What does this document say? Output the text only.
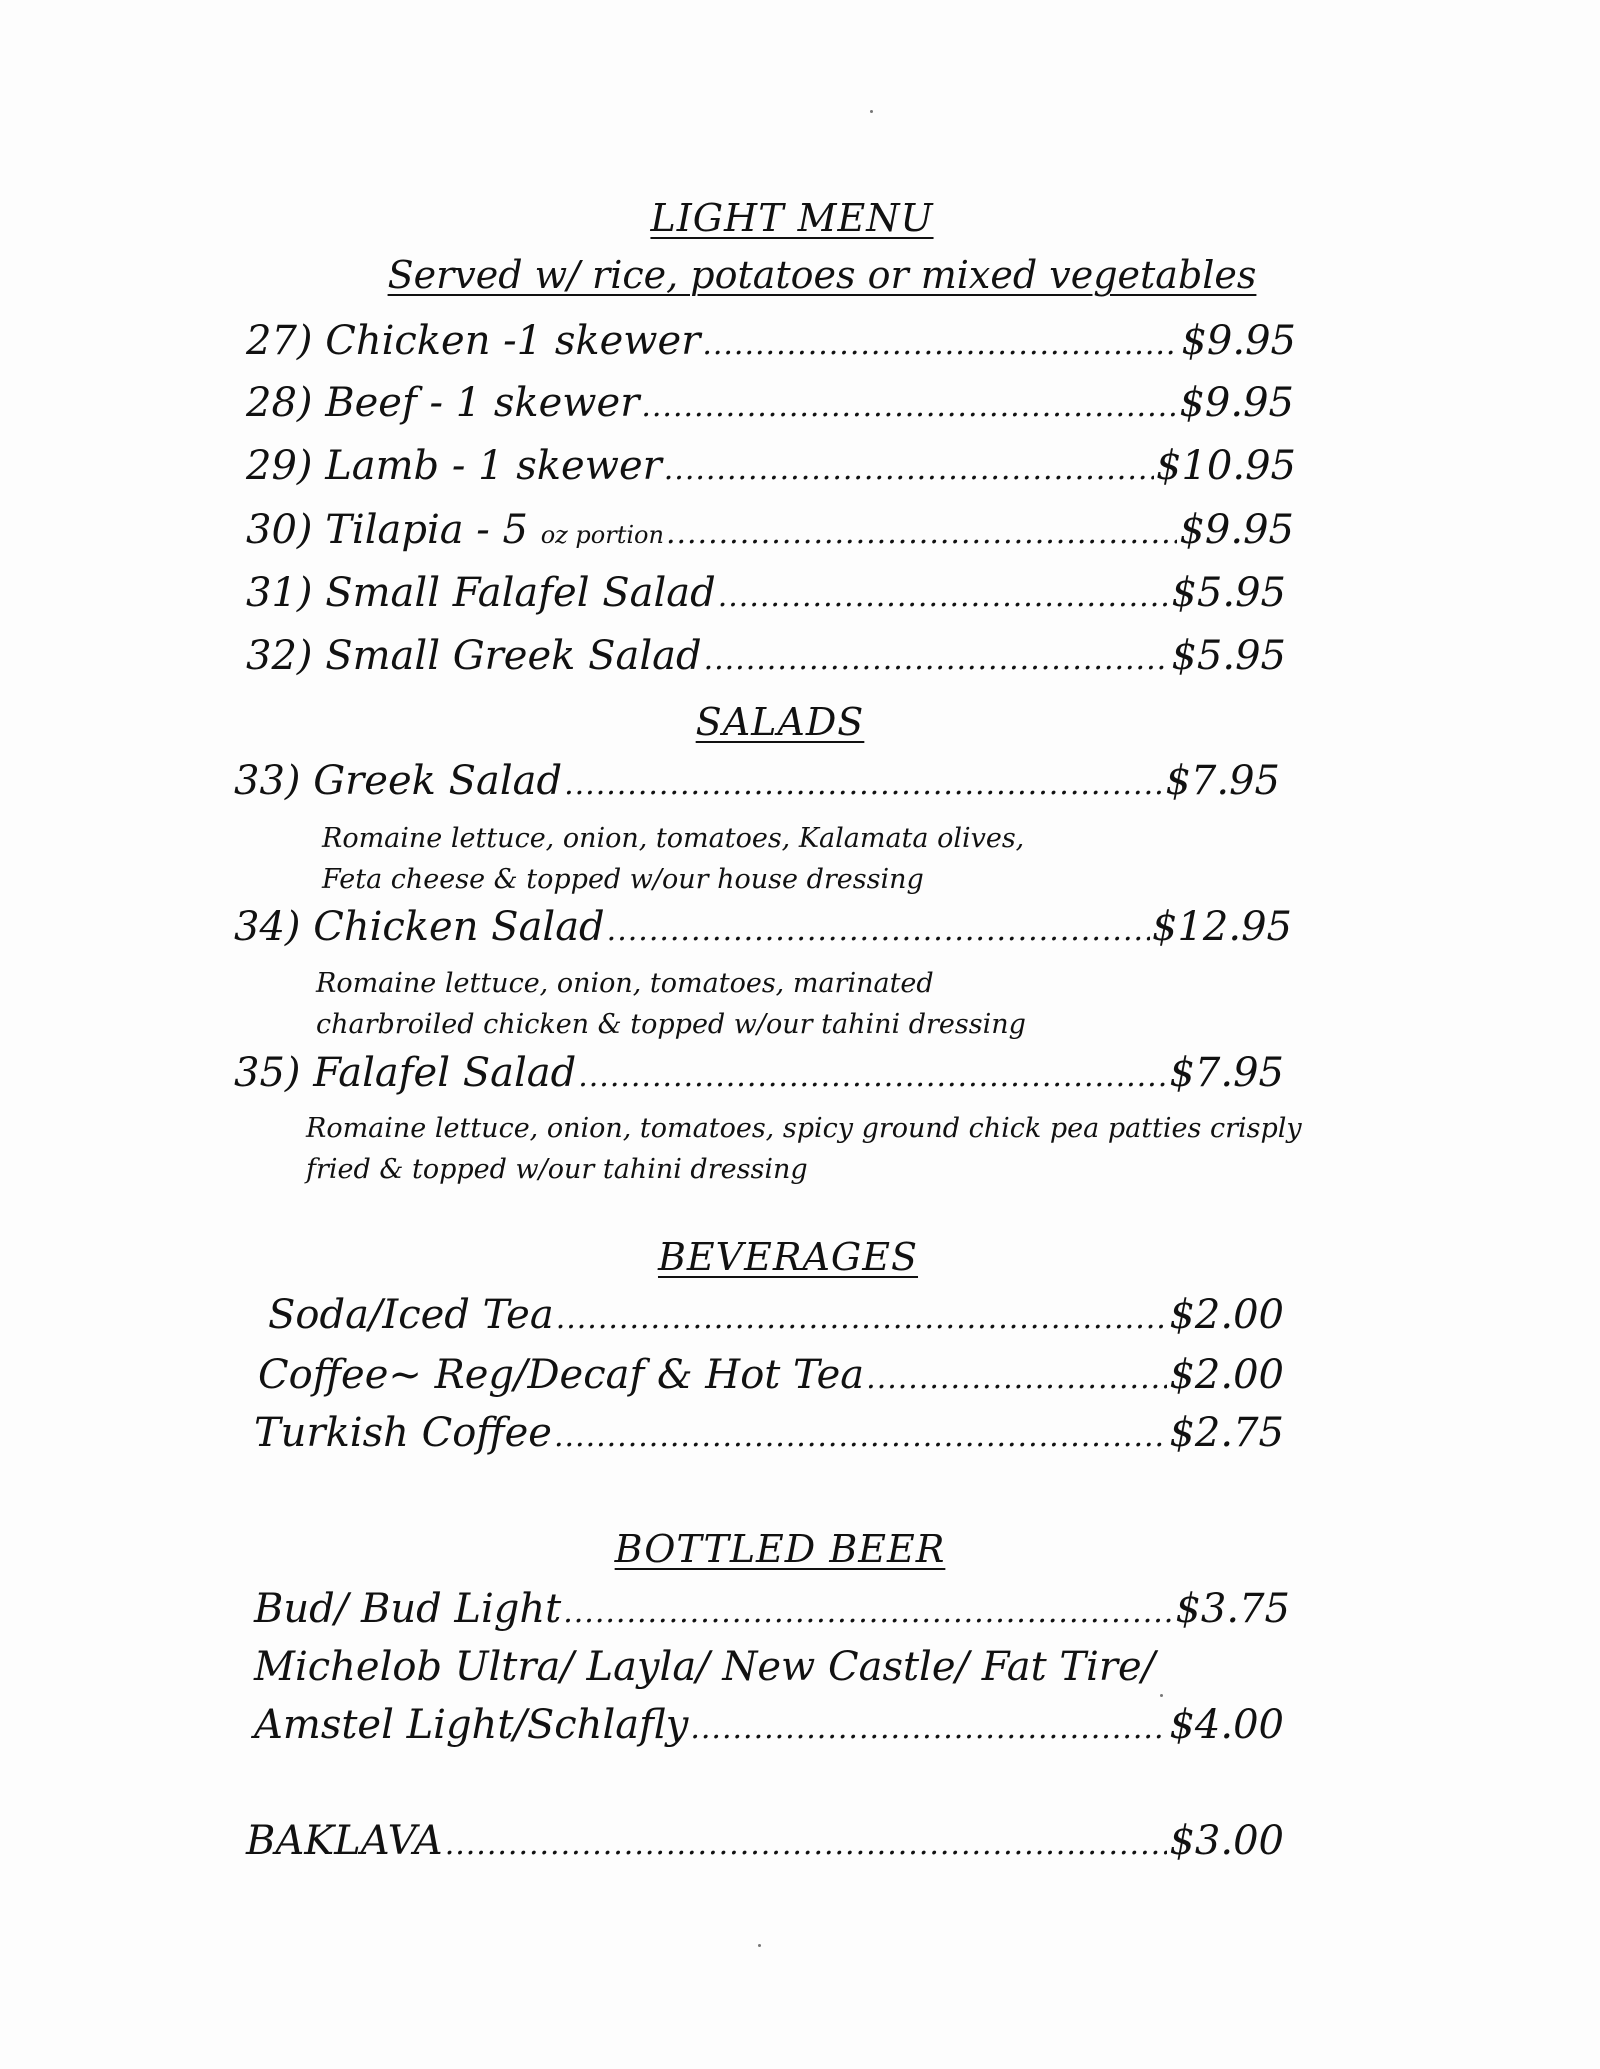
LIGHT MENU
Served w/ rice, potatoes or mixed vegetables
27) Chicken -1 skewer .....	$9.95
28) Beef - 1 skewer .....	$9.95
29) Lamb - 1 skewer .....	$10.95
30) Tilapia - 5 oz portion .....	$9.95
31) Small Falafel Salad .....	$5.95
32) Small Greek Salad .....	$5.95
SALADS
33) Greek Salad .....	$7.95
Romaine lettuce, onion, tomatoes, Kalamata olives,
Feta cheese & topped w/our house dressing
34) Chicken Salad .....	$12.95
Romaine lettuce, onion, tomatoes, marinated
charbroiled chicken & topped w/our tahini dressing
35) Falafel Salad .....	$7.95
Romaine lettuce, onion, tomatoes, spicy ground chick pea patties crisply
fried & topped w/our tahini dressing
BEVERAGES
Soda/Iced Tea .....	$2.00
Coffee~ Reg/Decaf & Hot Tea .....	$2.00
Turkish Coffee .....	$2.75
BOTTLED BEER
Bud/ Bud Light .....	$3.75
Michelob Ultra/ Layla/ New Castle/ Fat Tire/
Amstel Light/Schlafly .....	$4.00
BAKLAVA .....	$3.00
